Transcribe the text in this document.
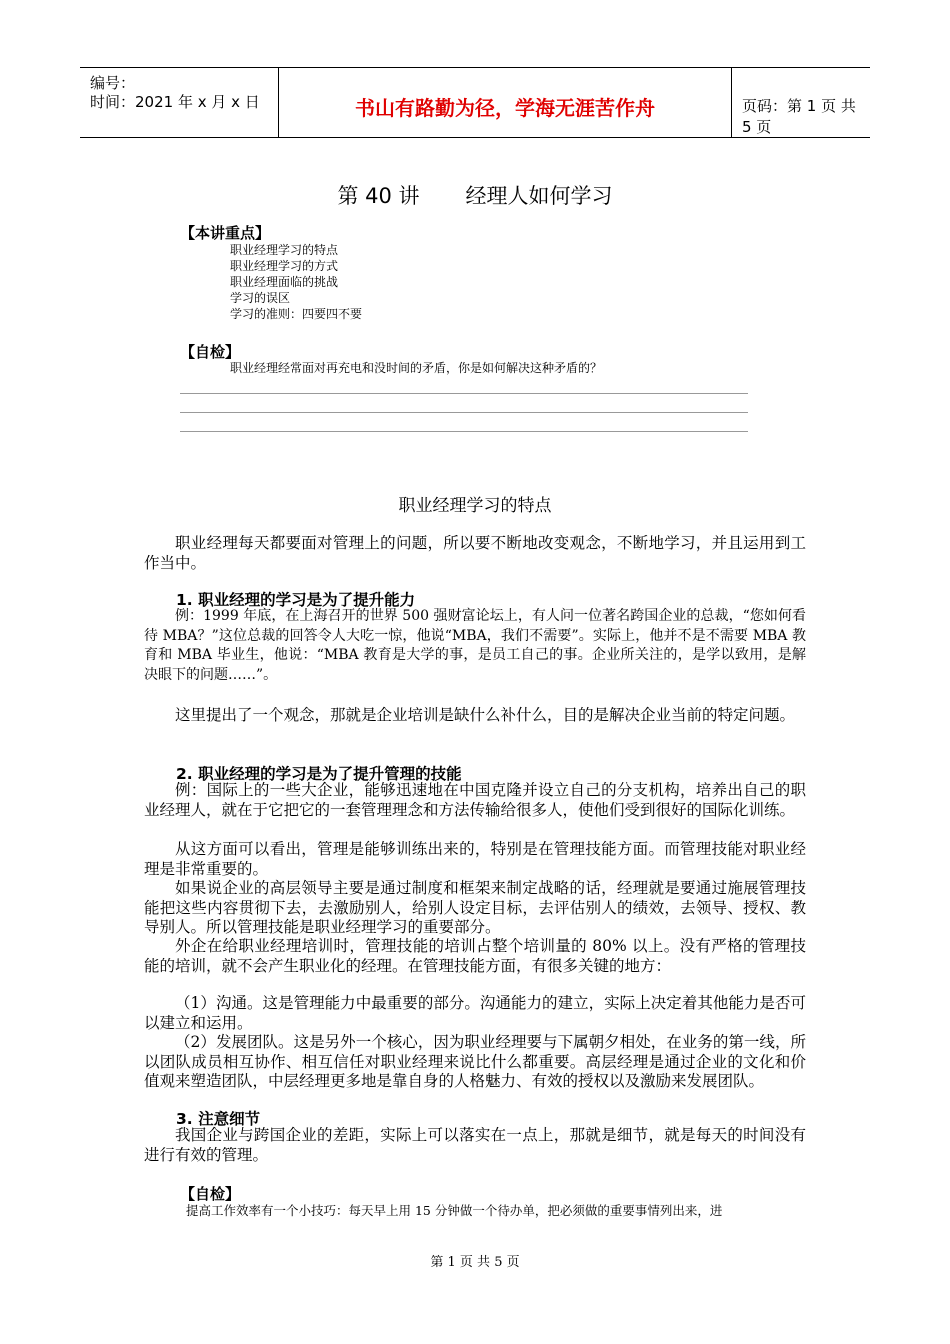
编号：
时间：2021 年 x 月 x 日	书山有路勤为径，学海无涯苦作舟	页码：第 1 页 共 5 页
第 40 讲 经理人如何学习
【本讲重点】
职业经理学习的特点
职业经理学习的方式
职业经理面临的挑战
学习的误区
学习的准则：四要四不要
【自检】
职业经理经常面对再充电和没时间的矛盾，你是如何解决这种矛盾的？
职业经理学习的特点
职业经理每天都要面对管理上的问题，所以要不断地改变观念，不断地学习，并且运用到工作当中。
1. 职业经理的学习是为了提升能力
例：1999 年底，在上海召开的世界 500 强财富论坛上，有人问一位著名跨国企业的总裁，“您如何看待 MBA？”这位总裁的回答令人大吃一惊，他说“MBA，我们不需要”。实际上，他并不是不需要 MBA 教育和 MBA 毕业生，他说：“MBA 教育是大学的事，是员工自己的事。企业所关注的，是学以致用，是解决眼下的问题……”。
这里提出了一个观念，那就是企业培训是缺什么补什么，目的是解决企业当前的特定问题。
2. 职业经理的学习是为了提升管理的技能
例：国际上的一些大企业，能够迅速地在中国克隆并设立自己的分支机构，培养出自己的职业经理人，就在于它把它的一套管理理念和方法传输给很多人，使他们受到很好的国际化训练。
从这方面可以看出，管理是能够训练出来的，特别是在管理技能方面。而管理技能对职业经理是非常重要的。
如果说企业的高层领导主要是通过制度和框架来制定战略的话，经理就是要通过施展管理技能把这些内容贯彻下去，去激励别人，给别人设定目标，去评估别人的绩效，去领导、授权、教导别人。所以管理技能是职业经理学习的重要部分。
外企在给职业经理培训时，管理技能的培训占整个培训量的 80% 以上。没有严格的管理技能的培训，就不会产生职业化的经理。在管理技能方面，有很多关键的地方：
（1）沟通。这是管理能力中最重要的部分。沟通能力的建立，实际上决定着其他能力是否可以建立和运用。
（2）发展团队。这是另外一个核心，因为职业经理要与下属朝夕相处，在业务的第一线，所以团队成员相互协作、相互信任对职业经理来说比什么都重要。高层经理是通过企业的文化和价值观来塑造团队，中层经理更多地是靠自身的人格魅力、有效的授权以及激励来发展团队。
3. 注意细节
我国企业与跨国企业的差距，实际上可以落实在一点上，那就是细节，就是每天的时间没有进行有效的管理。
【自检】
提高工作效率有一个小技巧：每天早上用 15 分钟做一个待办单，把必须做的重要事情列出来，进
第 1 页 共 5 页
